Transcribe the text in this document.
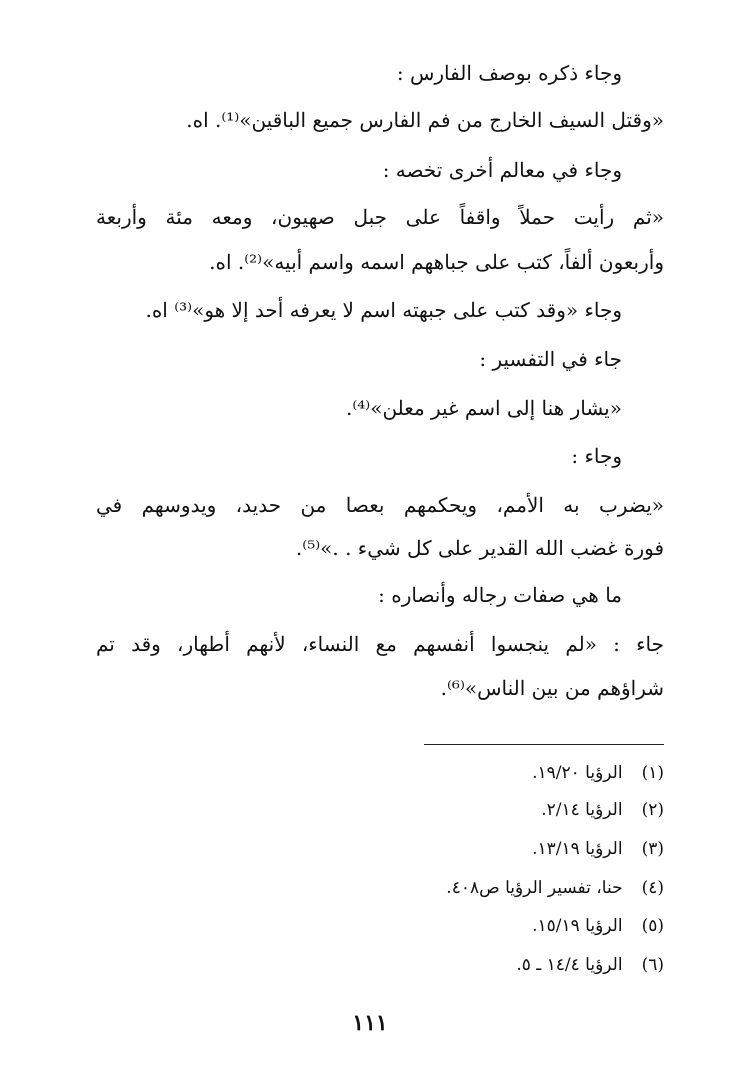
وجاء ذكره بوصف الفارس :
«وقتل السيف الخارج من فم الفارس جميع الباقين»⁽¹⁾. اه.
وجاء في معالم أخرى تخصه :
«ثم رأيت حملاً واقفاً على جبل صهيون، ومعه مئة وأربعة
وأربعون ألفاً، كتب على جباههم اسمه واسم أبيه»⁽²⁾. اه.
وجاء «وقد كتب على جبهته اسم لا يعرفه أحد إلا هو»⁽³⁾ اه.
جاء في التفسير :
«يشار هنا إلى اسم غير معلن»⁽⁴⁾.
وجاء :
«يضرب به الأمم، ويحكمهم بعصا من حديد، ويدوسهم في
فورة غضب الله القدير على كل شيء . .»⁽⁵⁾.
ما هي صفات رجاله وأنصاره :
جاء : «لم ينجسوا أنفسهم مع النساء، لأنهم أطهار، وقد تم
شراؤهم من بين الناس»⁽⁶⁾.
(١) الرؤيا ١٩/٢٠.
(٢) الرؤيا ٢/١٤.
(٣) الرؤيا ١٣/١٩.
(٤) حنا، تفسير الرؤيا ص٤٠٨.
(٥) الرؤيا ١٥/١٩.
(٦) الرؤيا ١٤/٤ ـ ٥.
١١١
